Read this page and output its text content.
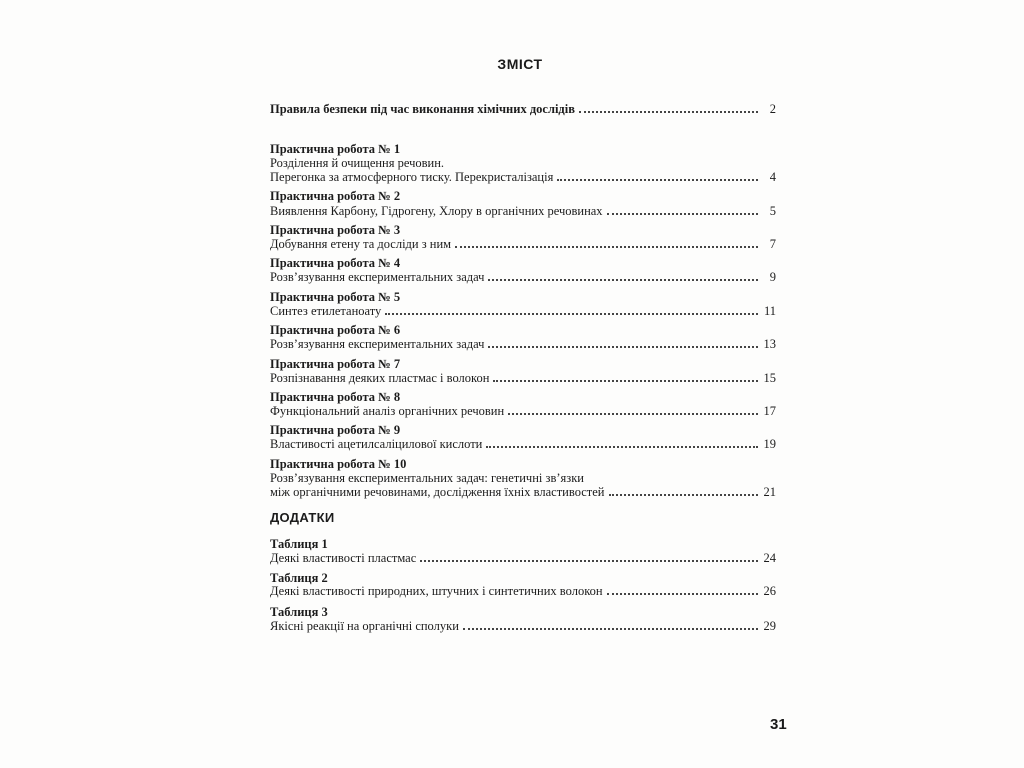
ЗМІСТ
Правила безпеки під час виконання хімічних дослідів	2
Практична робота № 1
Розділення й очищення речовин.
Перегонка за атмосферного тиску. Перекристалізація	4
Практична робота № 2
Виявлення Карбону, Гідрогену, Хлору в органічних речовинах	5
Практична робота № 3
Добування етену та досліди з ним	7
Практична робота № 4
Розв’язування експериментальних задач	9
Практична робота № 5
Синтез етилетаноату	11
Практична робота № 6
Розв’язування експериментальних задач	13
Практична робота № 7
Розпізнавання деяких пластмас і волокон	15
Практична робота № 8
Функціональний аналіз органічних речовин	17
Практична робота № 9
Властивості ацетилсаліцилової кислоти	19
Практична робота № 10
Розв’язування експериментальних задач: генетичні зв’язки
між органічними речовинами, дослідження їхніх властивостей	21
ДОДАТКИ
Таблиця 1
Деякі властивості пластмас	24
Таблиця 2
Деякі властивості природних, штучних і синтетичних волокон	26
Таблиця 3
Якісні реакції на органічні сполуки	29
31
